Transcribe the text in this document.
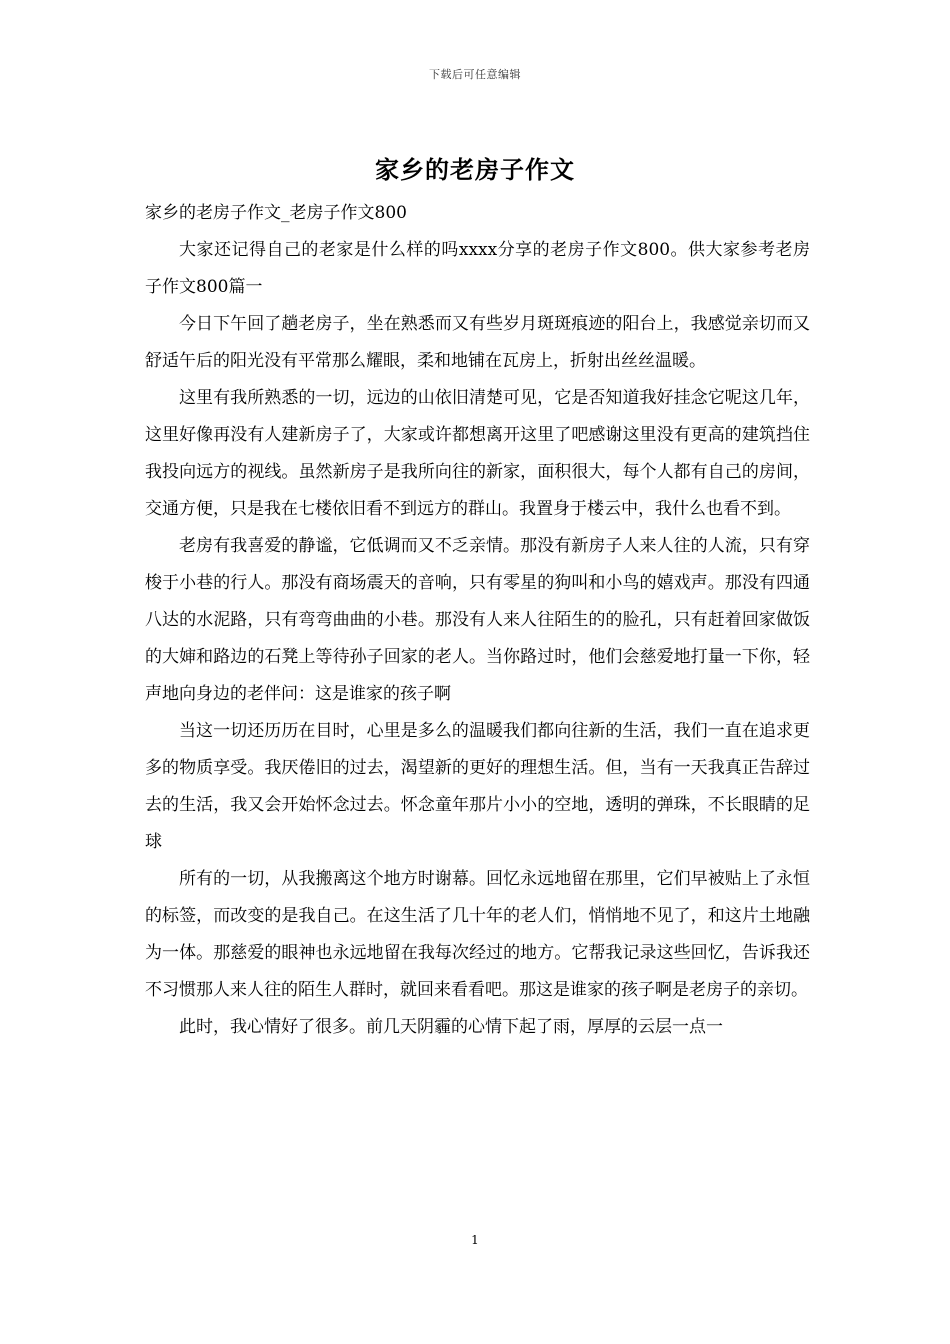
下载后可任意编辑
家乡的老房子作文

家乡的老房子作文_老房子作文800

大家还记得自己的老家是什么样的吗xxxx分享的老房子作文800。供大家参考老房子作文800篇一

今日下午回了趟老房子，坐在熟悉而又有些岁月斑斑痕迹的阳台上，我感觉亲切而又舒适午后的阳光没有平常那么耀眼，柔和地铺在瓦房上，折射出丝丝温暖。

这里有我所熟悉的一切，远边的山依旧清楚可见，它是否知道我好挂念它呢这几年，这里好像再没有人建新房子了，大家或许都想离开这里了吧感谢这里没有更高的建筑挡住我投向远方的视线。虽然新房子是我所向往的新家，面积很大，每个人都有自己的房间，交通方便，只是我在七楼依旧看不到远方的群山。我置身于楼云中，我什么也看不到。

老房有我喜爱的静谧，它低调而又不乏亲情。那没有新房子人来人往的人流，只有穿梭于小巷的行人。那没有商场震天的音响，只有零星的狗叫和小鸟的嬉戏声。那没有四通八达的水泥路，只有弯弯曲曲的小巷。那没有人来人往陌生的的脸孔，只有赶着回家做饭的大婶和路边的石凳上等待孙子回家的老人。当你路过时，他们会慈爱地打量一下你，轻声地向身边的老伴问：这是谁家的孩子啊

当这一切还历历在目时，心里是多么的温暖我们都向往新的生活，我们一直在追求更多的物质享受。我厌倦旧的过去，渴望新的更好的理想生活。但，当有一天我真正告辞过去的生活，我又会开始怀念过去。怀念童年那片小小的空地，透明的弹珠，不长眼睛的足球

所有的一切，从我搬离这个地方时谢幕。回忆永远地留在那里，它们早被贴上了永恒的标签，而改变的是我自己。在这生活了几十年的老人们，悄悄地不见了，和这片土地融为一体。那慈爱的眼神也永远地留在我每次经过的地方。它帮我记录这些回忆，告诉我还不习惯那人来人往的陌生人群时，就回来看看吧。那这是谁家的孩子啊是老房子的亲切。

此时，我心情好了很多。前几天阴霾的心情下起了雨，厚厚的云层一点一

1
